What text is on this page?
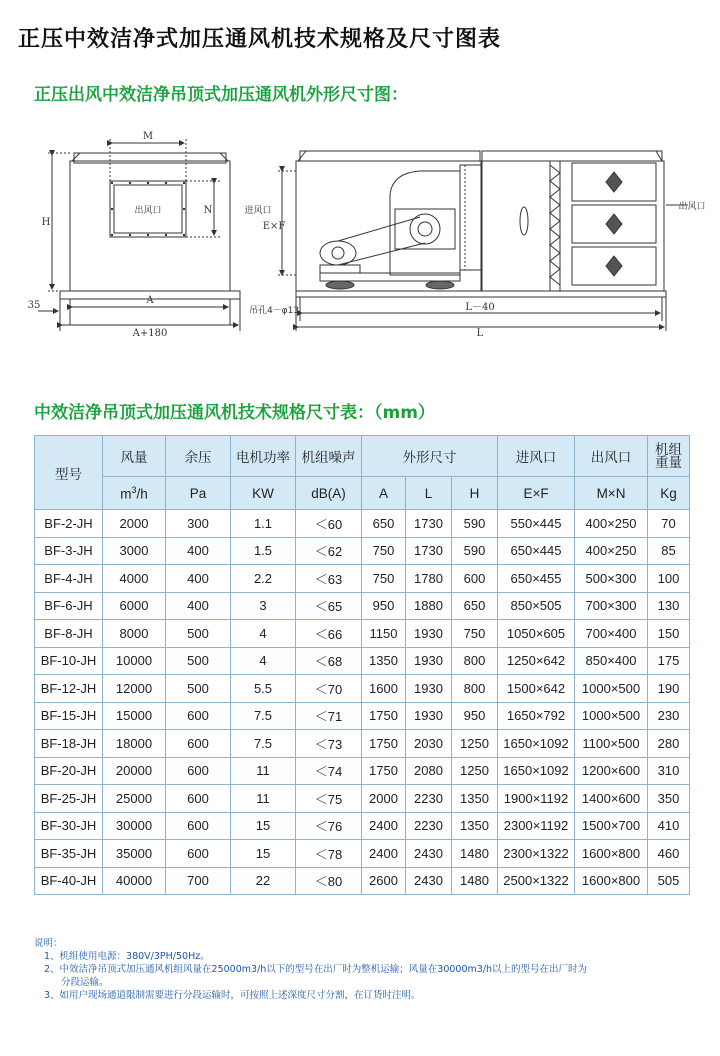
正压中效洁净式加压通风机技术规格及尺寸图表
正压出风中效洁净吊顶式加压通风机外形尺寸图：
M
N
H
出风口
A
A+180
35
进风口
E×F
吊孔4－φ13	L－40
L
出风口
中效洁净吊顶式加压通风机技术规格尺寸表：（mm）
型号	风量	余压	电机功率	机组噪声	外形尺寸			进风口	出风口	机组
重量
	$m^3/h$	Pa	KW	dB(A)	A	L	H	E×F	M×N	Kg
BF-2-JH	2000	300	1.1	＜60	650	1730	590	550×445	400×250	70
BF-3-JH	3000	400	1.5	＜62	750	1730	590	650×445	400×250	85
BF-4-JH	4000	400	2.2	＜63	750	1780	600	650×455	500×300	100
BF-6-JH	6000	400	3	＜65	950	1880	650	850×505	700×300	130
BF-8-JH	8000	500	4	＜66	1150	1930	750	1050×605	700×400	150
BF-10-JH	10000	500	4	＜68	1350	1930	800	1250×642	850×400	175
BF-12-JH	12000	500	5.5	＜70	1600	1930	800	1500×642	1000×500	190
BF-15-JH	15000	600	7.5	＜71	1750	1930	950	1650×792	1000×500	230
BF-18-JH	18000	600	7.5	＜73	1750	2030	1250	1650×1092	1100×500	280
BF-20-JH	20000	600	11	＜74	1750	2080	1250	1650×1092	1200×600	310
BF-25-JH	25000	600	11	＜75	2000	2230	1350	1900×1192	1400×600	350
BF-30-JH	30000	600	15	＜76	2400	2230	1350	2300×1192	1500×700	410
BF-35-JH	35000	600	15	＜78	2400	2430	1480	2300×1322	1600×800	460
BF-40-JH	40000	700	22	＜80	2600	2430	1480	2500×1322	1600×800	505
说明：
1、机组使用电源：380V/3PH/50Hz。
2、中效洁净吊顶式加压通风机组风量在25000m3/h以下的型号在出厂时为整机运输；风量在30000m3/h以上的型号在出厂时为
分段运输。
3、如用户现场通道限制需要进行分段运输时，可按照上述深度尺寸分割，在订货时注明。
